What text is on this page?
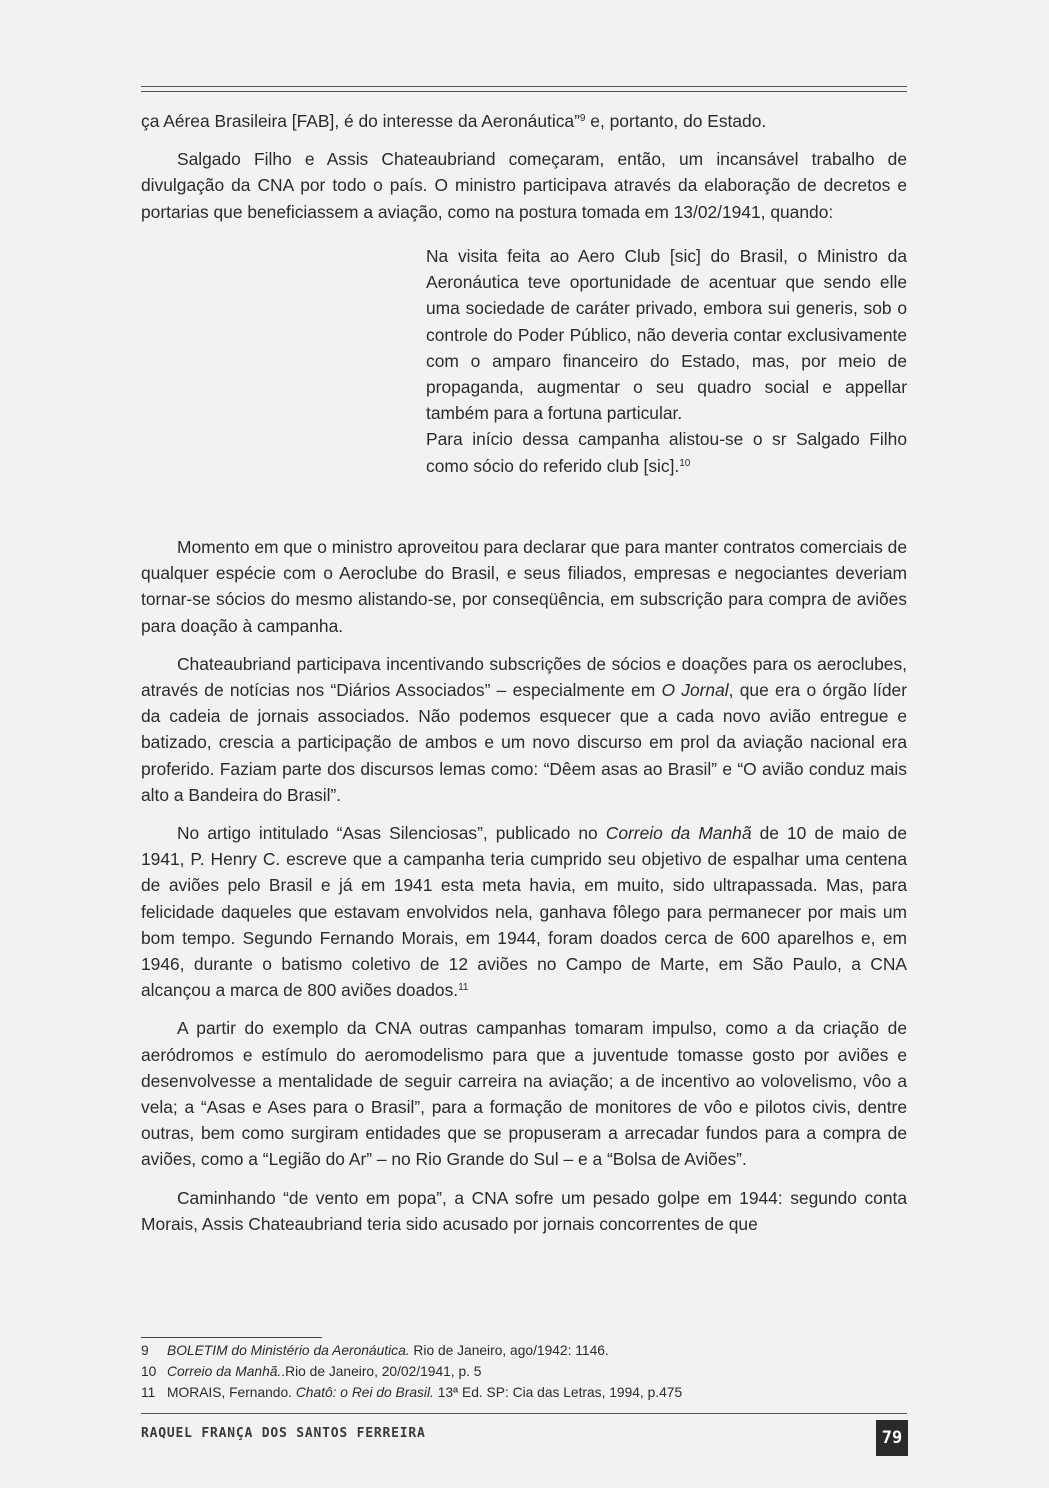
ça Aérea Brasileira [FAB], é do interesse da Aeronáutica”$^9$ e, portanto, do Estado.

Salgado Filho e Assis Chateaubriand começaram, então, um incansável trabalho de divulgação da CNA por todo o país. O ministro participava através da elaboração de decretos e portarias que beneficiassem a aviação, como na postura tomada em 13/02/1941, quando:

Na visita feita ao Aero Club [sic] do Brasil, o Ministro da Aeronáutica teve oportunidade de acentuar que sendo elle uma sociedade de caráter privado, embora sui generis, sob o controle do Poder Público, não deveria contar exclusivamente com o amparo financeiro do Estado, mas, por meio de propaganda, augmentar o seu quadro social e appellar também para a fortuna particular.

Para início dessa campanha alistou-se o sr Salgado Filho como sócio do referido club [sic].$^{10}$

Momento em que o ministro aproveitou para declarar que para manter contratos comerciais de qualquer espécie com o Aeroclube do Brasil, e seus filiados, empresas e negociantes deveriam tornar-se sócios do mesmo alistando-se, por conseqüência, em subscrição para compra de aviões para doação à campanha.

Chateaubriand participava incentivando subscrições de sócios e doações para os aeroclubes, através de notícias nos “Diários Associados” – especialmente em O Jornal, que era o órgão líder da cadeia de jornais associados. Não podemos esquecer que a cada novo avião entregue e batizado, crescia a participação de ambos e um novo discurso em prol da aviação nacional era proferido. Faziam parte dos discursos lemas como: “Dêem asas ao Brasil” e “O avião conduz mais alto a Bandeira do Brasil”.

No artigo intitulado “Asas Silenciosas”, publicado no Correio da Manhã de 10 de maio de 1941, P. Henry C. escreve que a campanha teria cumprido seu objetivo de espalhar uma centena de aviões pelo Brasil e já em 1941 esta meta havia, em muito, sido ultrapassada. Mas, para felicidade daqueles que estavam envolvidos nela, ganhava fôlego para permanecer por mais um bom tempo. Segundo Fernando Morais, em 1944, foram doados cerca de 600 aparelhos e, em 1946, durante o batismo coletivo de 12 aviões no Campo de Marte, em São Paulo, a CNA alcançou a marca de 800 aviões doados.$^{11}$

A partir do exemplo da CNA outras campanhas tomaram impulso, como a da criação de aeródromos e estímulo do aeromodelismo para que a juventude tomasse gosto por aviões e desenvolvesse a mentalidade de seguir carreira na aviação; a de incentivo ao volovelismo, vôo a vela; a “Asas e Ases para o Brasil”, para a formação de monitores de vôo e pilotos civis, dentre outras, bem como surgiram entidades que se propuseram a arrecadar fundos para a compra de aviões, como a “Legião do Ar” – no Rio Grande do Sul – e a “Bolsa de Aviões”.

Caminhando “de vento em popa”, a CNA sofre um pesado golpe em 1944: segundo conta Morais, Assis Chateaubriand teria sido acusado por jornais concorrentes de que

9 BOLETIM do Ministério da Aeronáutica. Rio de Janeiro, ago/1942: 1146.
10 Correio da Manhã..Rio de Janeiro, 20/02/1941, p. 5
11 MORAIS, Fernando. Chatô: o Rei do Brasil. 13ª Ed. SP: Cia das Letras, 1994, p.475
RAQUEL FRANÇA DOS SANTOS FERREIRA	79
